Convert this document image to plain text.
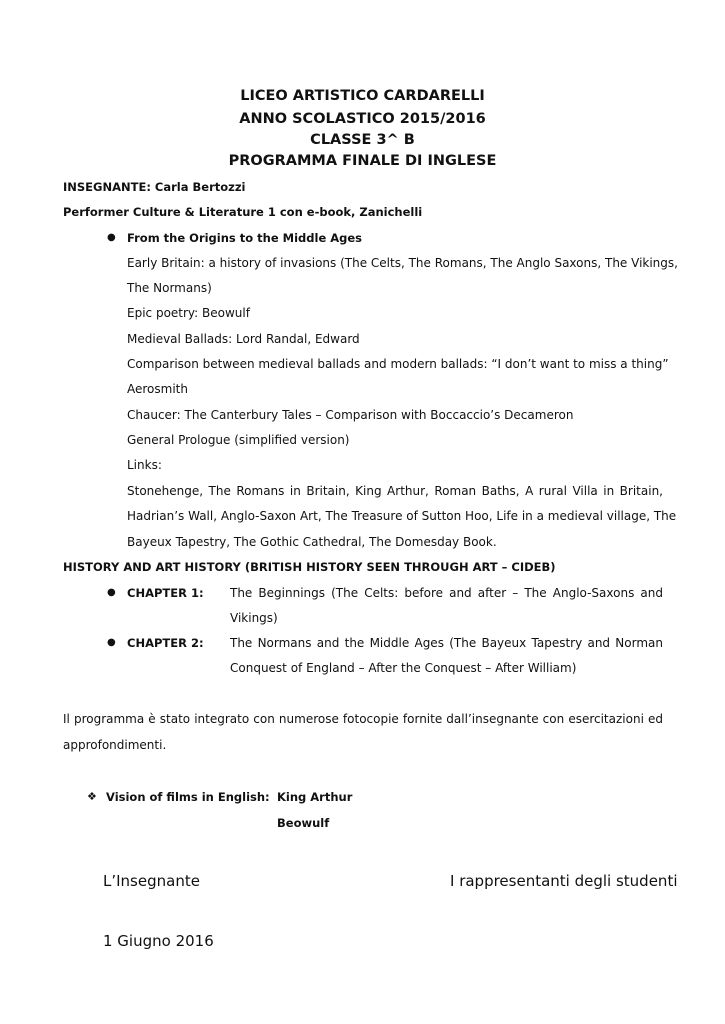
LICEO ARTISTICO CARDARELLI
ANNO SCOLASTICO 2015/2016
CLASSE 3^ B
PROGRAMMA FINALE DI INGLESE
INSEGNANTE: Carla Bertozzi
Performer Culture & Literature 1 con e-book, Zanichelli
● From the Origins to the Middle Ages
Early Britain: a history of invasions (The Celts, The Romans, The Anglo Saxons, The Vikings,
The Normans)
Epic poetry: Beowulf
Medieval Ballads: Lord Randal, Edward
Comparison between medieval ballads and modern ballads: “I don’t want to miss a thing”
Aerosmith
Chaucer: The Canterbury Tales – Comparison with Boccaccio’s Decameron
General Prologue (simplified version)
Links:
Stonehenge, The Romans in Britain, King Arthur, Roman Baths, A rural Villa in Britain,
Hadrian’s Wall, Anglo-Saxon Art, The Treasure of Sutton Hoo, Life in a medieval village, The
Bayeux Tapestry, The Gothic Cathedral, The Domesday Book.
HISTORY AND ART HISTORY (BRITISH HISTORY SEEN THROUGH ART – CIDEB)
● CHAPTER 1: The Beginnings (The Celts: before and after – The Anglo-Saxons and
Vikings)
● CHAPTER 2: The Normans and the Middle Ages (The Bayeux Tapestry and Norman
Conquest of England – After the Conquest – After William)
Il programma è stato integrato con numerose fotocopie fornite dall’insegnante con esercitazioni ed
approfondimenti.
❖ Vision of films in English: King Arthur
Beowulf
L’Insegnante	I rappresentanti degli studenti
1 Giugno 2016
